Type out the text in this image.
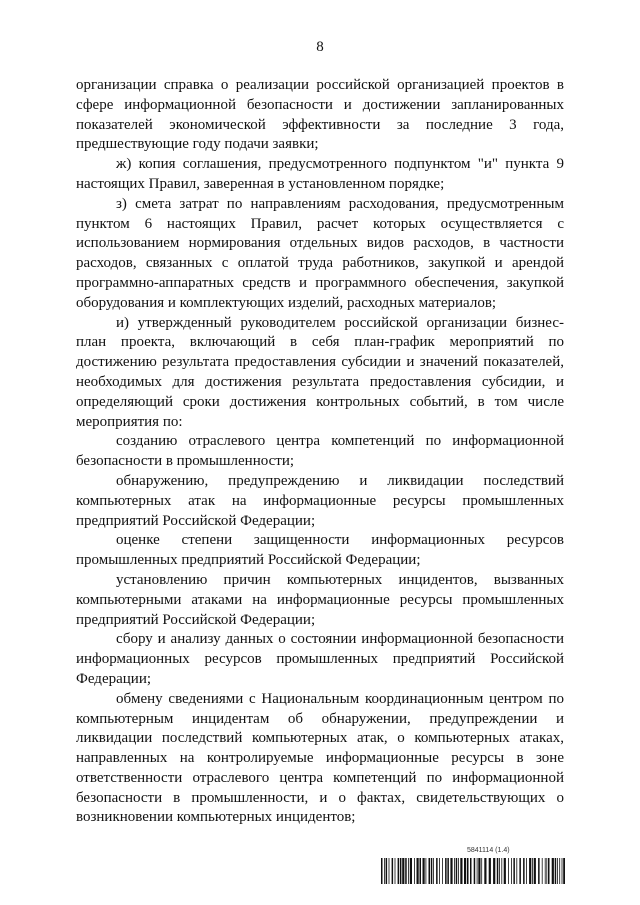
8

организации справка о реализации российской организацией проектов в сфере информационной безопасности и достижении запланированных показателей экономической эффективности за последние 3 года, предшествующие году подачи заявки;

ж) копия соглашения, предусмотренного подпунктом "и" пункта 9 настоящих Правил, заверенная в установленном порядке;

з) смета затрат по направлениям расходования, предусмотренным пунктом 6 настоящих Правил, расчет которых осуществляется с использованием нормирования отдельных видов расходов, в частности расходов, связанных с оплатой труда работников, закупкой и арендой программно-аппаратных средств и программного обеспечения, закупкой оборудования и комплектующих изделий, расходных материалов;

и) утвержденный руководителем российской организации бизнес-план проекта, включающий в себя план-график мероприятий по достижению результата предоставления субсидии и значений показателей, необходимых для достижения результата предоставления субсидии, и определяющий сроки достижения контрольных событий, в том числе мероприятия по:

созданию отраслевого центра компетенций по информационной безопасности в промышленности;

обнаружению, предупреждению и ликвидации последствий компьютерных атак на информационные ресурсы промышленных предприятий Российской Федерации;

оценке степени защищенности информационных ресурсов промышленных предприятий Российской Федерации;

установлению причин компьютерных инцидентов, вызванных компьютерными атаками на информационные ресурсы промышленных предприятий Российской Федерации;

сбору и анализу данных о состоянии информационной безопасности информационных ресурсов промышленных предприятий Российской Федерации;

обмену сведениями с Национальным координационным центром по компьютерным инцидентам об обнаружении, предупреждении и ликвидации последствий компьютерных атак, о компьютерных атаках, направленных на контролируемые информационные ресурсы в зоне ответственности отраслевого центра компетенций по информационной безопасности в промышленности, и о фактах, свидетельствующих о возникновении компьютерных инцидентов;

5841114 (1.4)
